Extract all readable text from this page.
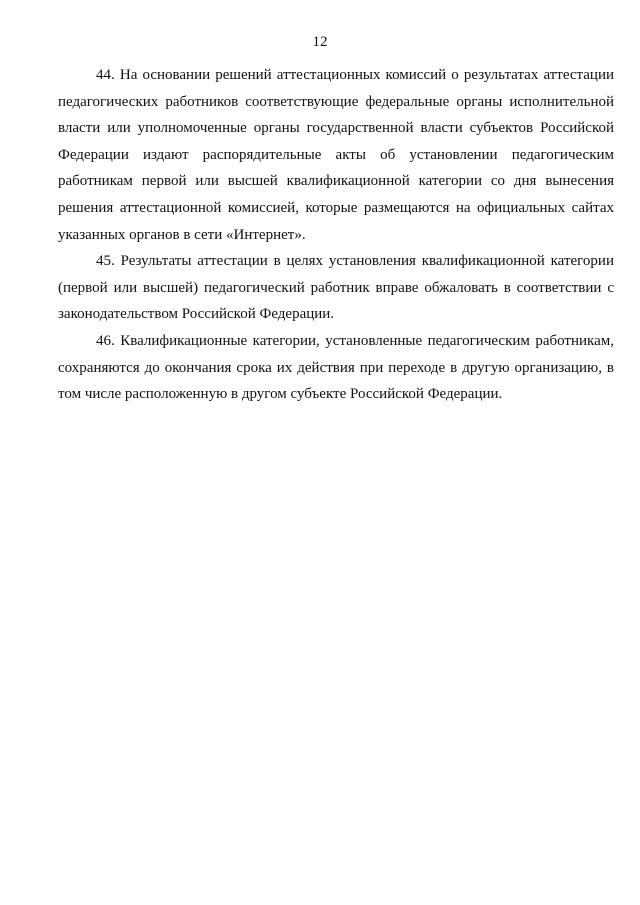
12

44. На основании решений аттестационных комиссий о результатах аттестации педагогических работников соответствующие федеральные органы исполнительной власти или уполномоченные органы государственной власти субъектов Российской Федерации издают распорядительные акты об установлении педагогическим работникам первой или высшей квалификационной категории со дня вынесения решения аттестационной комиссией, которые размещаются на официальных сайтах указанных органов в сети «Интернет».

45. Результаты аттестации в целях установления квалификационной категории (первой или высшей) педагогический работник вправе обжаловать в соответствии с законодательством Российской Федерации.

46. Квалификационные категории, установленные педагогическим работникам, сохраняются до окончания срока их действия при переходе в другую организацию, в том числе расположенную в другом субъекте Российской Федерации.
